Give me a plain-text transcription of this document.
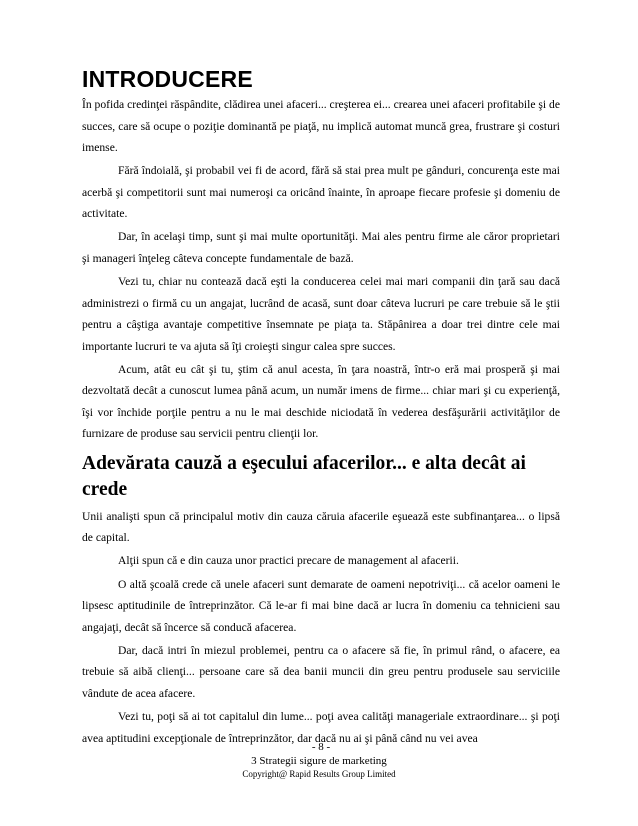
INTRODUCERE

În pofida credinţei răspândite, clădirea unei afaceri... creşterea ei... crearea unei afaceri profitabile şi de succes, care să ocupe o poziţie dominantă pe piaţă, nu implică automat muncă grea, frustrare şi costuri imense.

Fără îndoială, şi probabil vei fi de acord, fără să stai prea mult pe gânduri, concurenţa este mai acerbă şi competitorii sunt mai numeroşi ca oricând înainte, în aproape fiecare profesie şi domeniu de activitate.

Dar, în acelaşi timp, sunt şi mai multe oportunităţi. Mai ales pentru firme ale căror proprietari şi manageri înţeleg câteva concepte fundamentale de bază.

Vezi tu, chiar nu contează dacă eşti la conducerea celei mai mari companii din ţară sau dacă administrezi o firmă cu un angajat, lucrând de acasă, sunt doar câteva lucruri pe care trebuie să le ştii pentru a câştiga avantaje competitive însemnate pe piaţa ta. Stăpânirea a doar trei dintre cele mai importante lucruri te va ajuta să îţi croieşti singur calea spre succes.

Acum, atât eu cât şi tu, ştim că anul acesta, în ţara noastră, într-o eră mai prosperă şi mai dezvoltată decât a cunoscut lumea până acum, un număr imens de firme... chiar mari şi cu experienţă, îşi vor închide porţile pentru a nu le mai deschide niciodată în vederea desfăşurării activităţilor de furnizare de produse sau servicii pentru clienţii lor.

Adevărata cauză a eşecului afacerilor... e alta decât ai crede

Unii analişti spun că principalul motiv din cauza căruia afacerile eşuează este subfinanţarea... o lipsă de capital.

Alţii spun că e din cauza unor practici precare de management al afacerii.

O altă şcoală crede că unele afaceri sunt demarate de oameni nepotriviţi... că acelor oameni le lipsesc aptitudinile de întreprinzător. Că le-ar fi mai bine dacă ar lucra în domeniu ca tehnicieni sau angajaţi, decât să încerce să conducă afacerea.

Dar, dacă intri în miezul problemei, pentru ca o afacere să fie, în primul rând, o afacere, ea trebuie să aibă clienţi... persoane care să dea banii muncii din greu pentru produsele sau serviciile vândute de acea afacere.

Vezi tu, poţi să ai tot capitalul din lume... poţi avea calităţi manageriale extraordinare... şi poţi avea aptitudini excepţionale de întreprinzător, dar dacă nu ai şi până când nu vei avea

- 8 -
3 Strategii sigure de marketing
Copyright@ Rapid Results Group Limited
